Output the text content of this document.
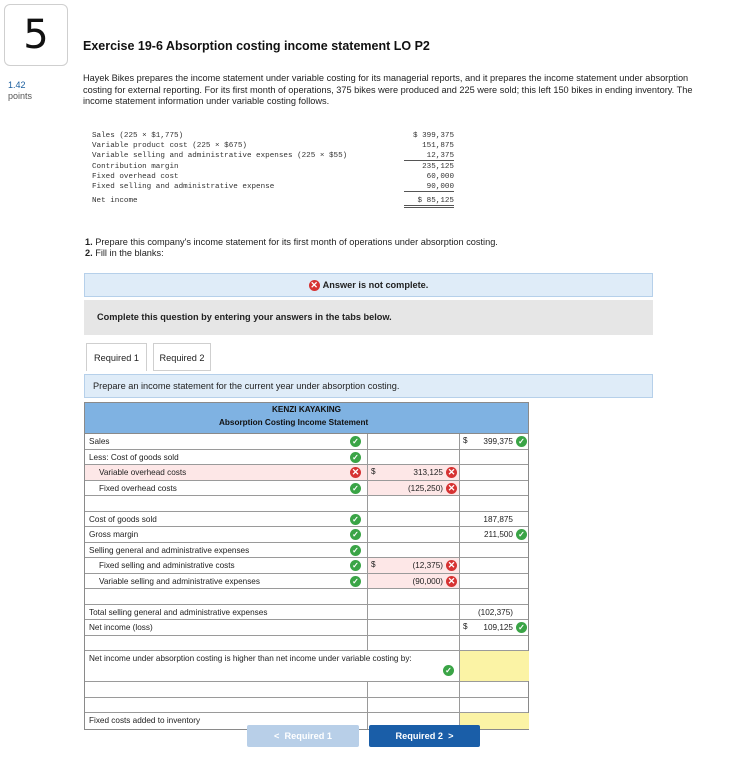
5	Exercise 19-6 Absorption costing income statement LO P2
1.42
points
Hayek Bikes prepares the income statement under variable costing for its managerial reports, and it prepares the income statement under absorption costing for external reporting. For its first month of operations, 375 bikes were produced and 225 were sold; this left 150 bikes in ending inventory. The income statement information under variable costing follows.
Sales (225 × $1,775)	$ 399,375
Variable product cost (225 × $675)	151,875
Variable selling and administrative expenses (225 × $55)	12,375
Contribution margin	235,125
Fixed overhead cost	60,000
Fixed selling and administrative expense	90,000
Net income	$ 85,125
1. Prepare this company's income statement for its first month of operations under absorption costing.
2. Fill in the blanks:
✕ Answer is not complete.
Complete this question by entering your answers in the tabs below.
Required 1	Required 2
Prepare an income statement for the current year under absorption costing.
KENZI KAYAKING
Absorption Costing Income Statement
Sales	✓	$ 399,375 ✓
Less: Cost of goods sold	✓
Variable overhead costs	✕ $	313,125 ✕
Fixed overhead costs	✓	(125,250) ✕
Cost of goods sold	✓	187,875
Gross margin	✓	211,500 ✓
Selling general and administrative expenses	✓
Fixed selling and administrative costs	✓ $	(12,375) ✕
Variable selling and administrative expenses	✓	(90,000) ✕
Total selling general and administrative expenses	(102,375)
Net income (loss)	$ 109,125 ✓
Net income under absorption costing is higher than net income under variable costing by:
✓
Fixed costs added to inventory
< Required 1	Required 2 >
